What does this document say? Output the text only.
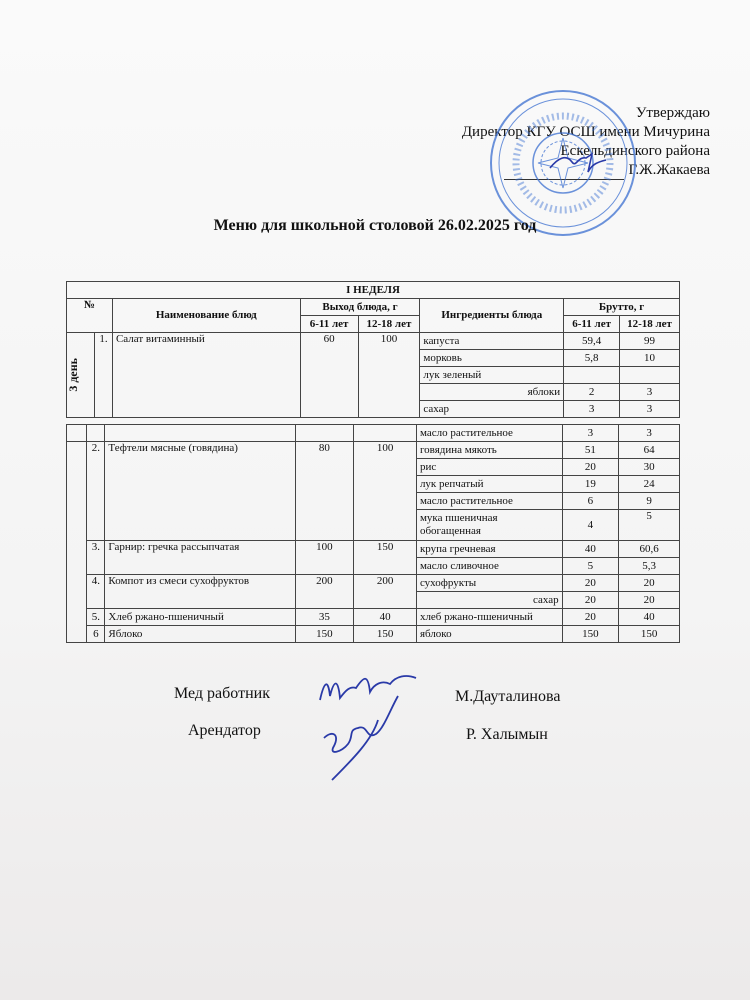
Утверждаю
Директор КГУ ОСШ имени Мичурина
Ескельдинского района
Г.Ж.Жакаева
Меню для школьной столовой 26.02.2025 год
I НЕДЕЛЯ							
№		Наименование блюд	Выход блюда, г		Ингредиенты блюда	Брутто, г	
			6-11 лет	12-18 лет		6-11 лет	12-18 лет

3 день	1.	Салат витаминный	60	100	капуста	59,4	99
					морковь	5,8	10
					лук зеленый		
					яблоки	2	3
					сахар	3	3
					масло растительное	3	3
	2.	Тефтели мясные (говядина)	80	100	говядина мякоть	51	64
					рис	20	30
					лук репчатый	19	24
					масло растительное	6	9
					мука пшеничная обогащенная	4	5
	3.	Гарнир: гречка рассыпчатая	100	150	крупа гречневая	40	60,6
					масло сливочное	5	5,3
	4.	Компот из смеси сухофруктов	200	200	сухофрукты	20	20
					сахар	20	20
	5.	Хлеб ржано-пшеничный	35	40	хлеб ржано-пшеничный	20	40
	6	Яблоко	150	150	яблоко	150	150
Мед работник	М.Дауталинова
Арендатор	Р. Халымын
